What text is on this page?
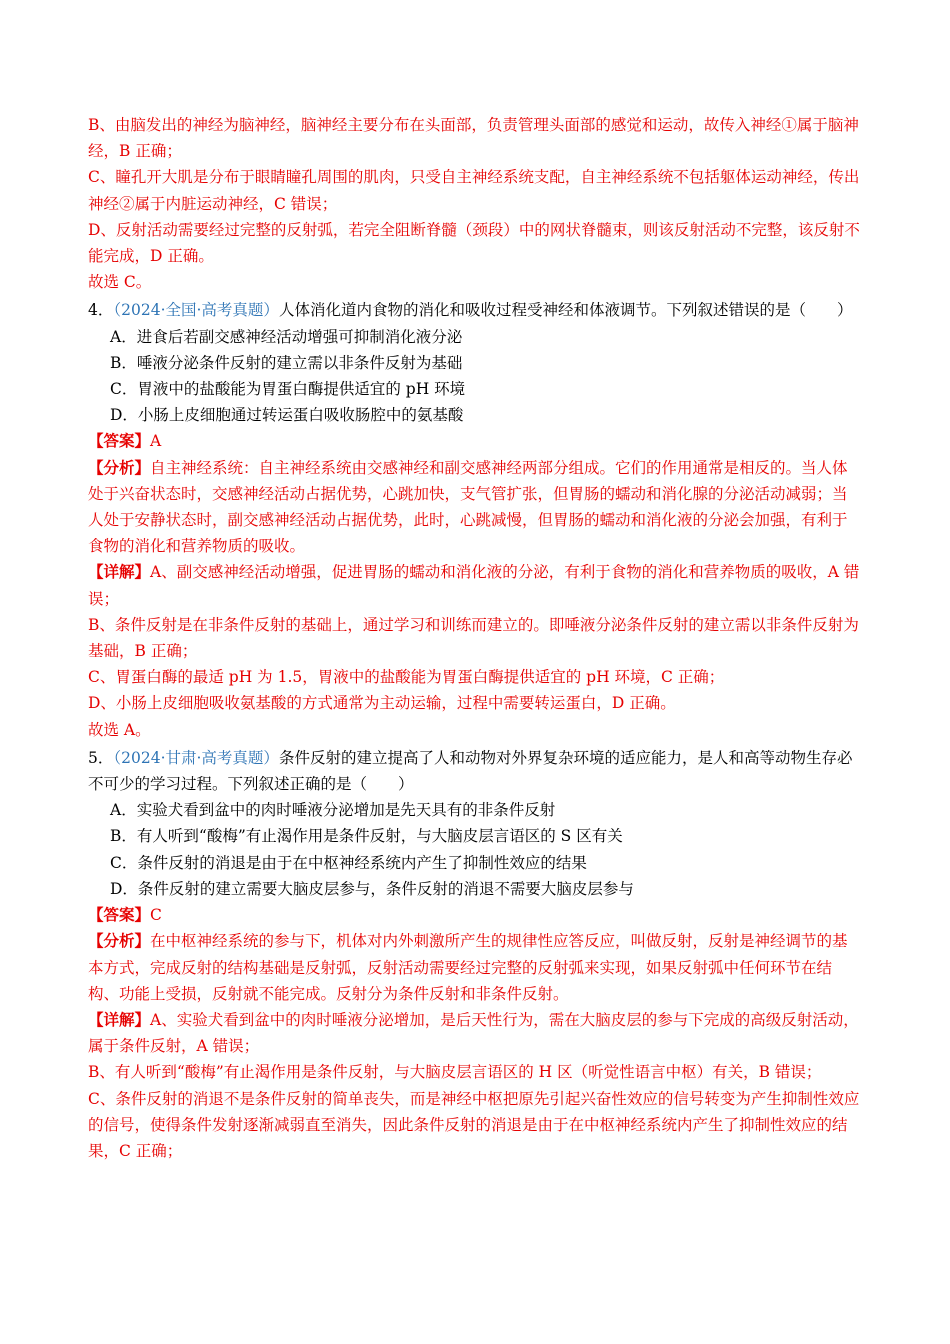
B、由脑发出的神经为脑神经，脑神经主要分布在头面部，负责管理头面部的感觉和运动，故传入神经①属于脑神经，B 正确；

C、瞳孔开大肌是分布于眼睛瞳孔周围的肌肉，只受自主神经系统支配，自主神经系统不包括躯体运动神经，传出神经②属于内脏运动神经，C 错误；

D、反射活动需要经过完整的反射弧，若完全阻断脊髓（颈段）中的网状脊髓束，则该反射活动不完整，该反射不能完成，D 正确。

故选 C。

4．（2024·全国·高考真题）人体消化道内食物的消化和吸收过程受神经和体液调节。下列叙述错误的是（　　）

A．进食后若副交感神经活动增强可抑制消化液分泌

B．唾液分泌条件反射的建立需以非条件反射为基础

C．胃液中的盐酸能为胃蛋白酶提供适宜的 pH 环境

D．小肠上皮细胞通过转运蛋白吸收肠腔中的氨基酸

【答案】A

【分析】自主神经系统：自主神经系统由交感神经和副交感神经两部分组成。它们的作用通常是相反的。当人体处于兴奋状态时，交感神经活动占据优势，心跳加快，支气管扩张，但胃肠的蠕动和消化腺的分泌活动减弱；当人处于安静状态时，副交感神经活动占据优势，此时，心跳减慢，但胃肠的蠕动和消化液的分泌会加强，有利于食物的消化和营养物质的吸收。

【详解】A、副交感神经活动增强，促进胃肠的蠕动和消化液的分泌，有利于食物的消化和营养物质的吸收，A 错误；

B、条件反射是在非条件反射的基础上，通过学习和训练而建立的。即唾液分泌条件反射的建立需以非条件反射为基础，B 正确；

C、胃蛋白酶的最适 pH 为 1.5，胃液中的盐酸能为胃蛋白酶提供适宜的 pH 环境，C 正确；

D、小肠上皮细胞吸收氨基酸的方式通常为主动运输，过程中需要转运蛋白，D 正确。

故选 A。

5．（2024·甘肃·高考真题）条件反射的建立提高了人和动物对外界复杂环境的适应能力，是人和高等动物生存必不可少的学习过程。下列叙述正确的是（　　）

A．实验犬看到盆中的肉时唾液分泌增加是先天具有的非条件反射

B．有人听到“酸梅”有止渴作用是条件反射，与大脑皮层言语区的 S 区有关

C．条件反射的消退是由于在中枢神经系统内产生了抑制性效应的结果

D．条件反射的建立需要大脑皮层参与，条件反射的消退不需要大脑皮层参与

【答案】C

【分析】在中枢神经系统的参与下，机体对内外刺激所产生的规律性应答反应，叫做反射，反射是神经调节的基本方式，完成反射的结构基础是反射弧，反射活动需要经过完整的反射弧来实现，如果反射弧中任何环节在结构、功能上受损，反射就不能完成。反射分为条件反射和非条件反射。

【详解】A、实验犬看到盆中的肉时唾液分泌增加，是后天性行为，需在大脑皮层的参与下完成的高级反射活动，属于条件反射，A 错误；

B、有人听到“酸梅”有止渴作用是条件反射，与大脑皮层言语区的 H 区（听觉性语言中枢）有关，B 错误；

C、条件反射的消退不是条件反射的简单丧失，而是神经中枢把原先引起兴奋性效应的信号转变为产生抑制性效应的信号，使得条件发射逐渐减弱直至消失，因此条件反射的消退是由于在中枢神经系统内产生了抑制性效应的结果，C 正确；
